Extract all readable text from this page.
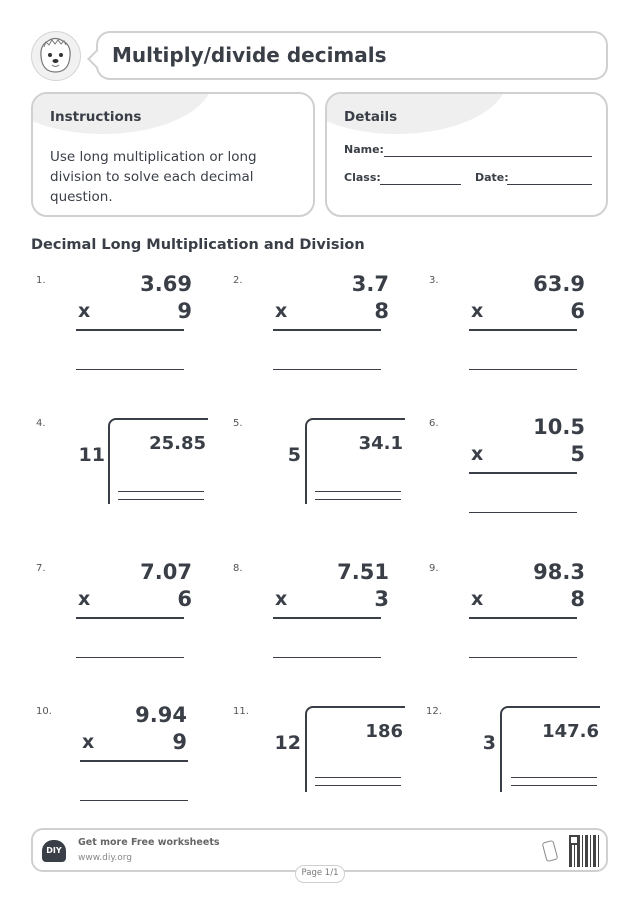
Multiply/divide decimals
Instructions
Use long multiplication or long division to solve each decimal question.
Details
Name:
Class:	Date:
Decimal Long Multiplication and Division
1.	3.69
x	9
2.	3.7
x	8
3.	63.9
x	6
4.
11
25.85
5.
5
34.1
6.	10.5
x	5
7.	7.07
x	6
8.	7.51
x	3
9.	98.3
x	8
10.	9.94
x	9
11.
12
186
12.
3
147.6
DIY
Get more Free worksheets
www.diy.org
Page 1/1
